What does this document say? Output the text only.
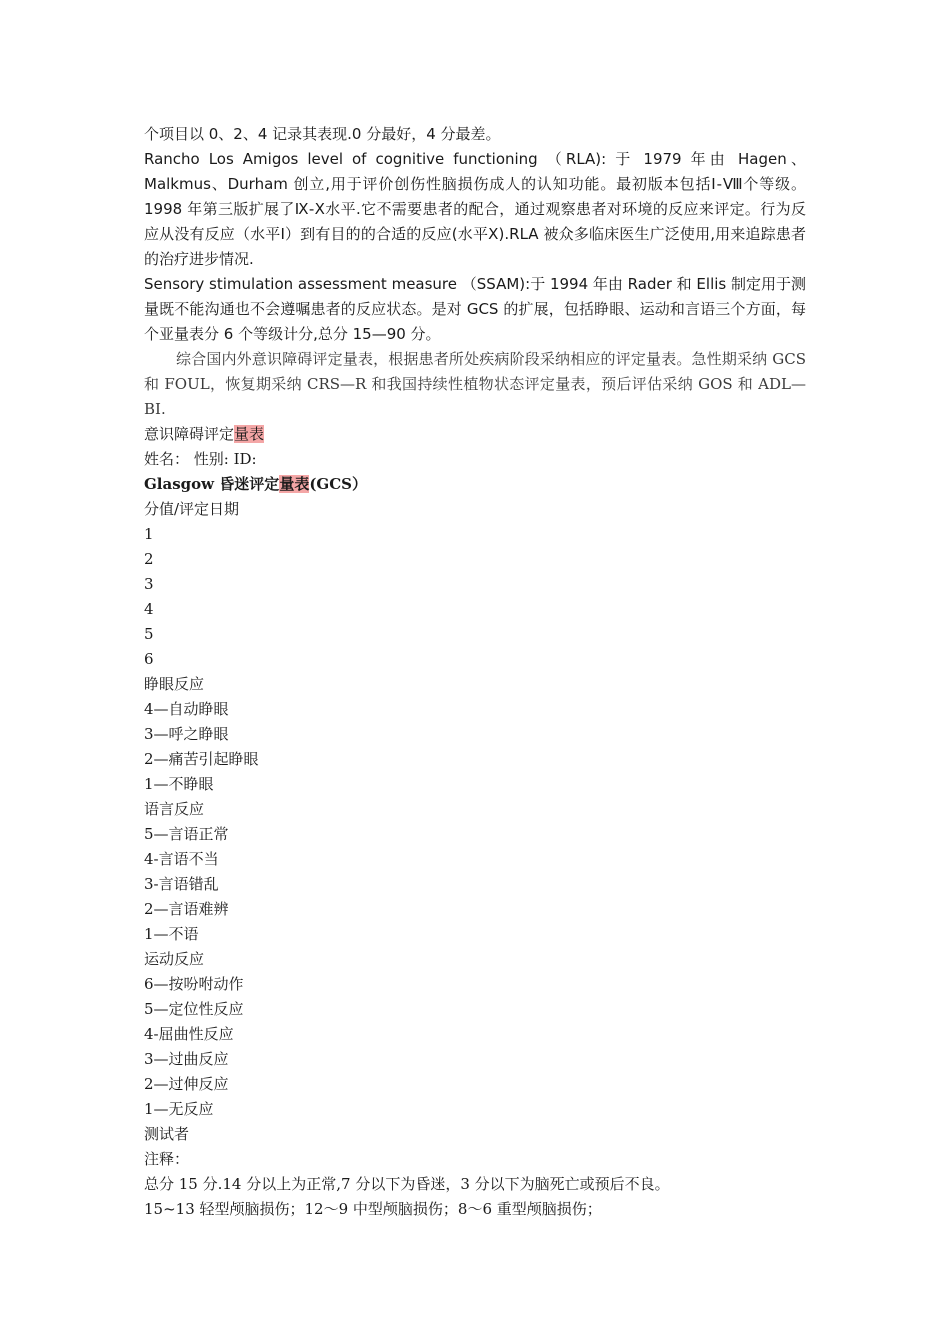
个项目以 0、2、4 记录其表现.0 分最好，4 分最差。

Rancho Los Amigos level of cognitive functioning （RLA): 于 1979 年由 Hagen、Malkmus、Durham 创立,用于评价创伤性脑损伤成人的认知功能。最初版本包括Ⅰ-Ⅷ个等级。1998 年第三版扩展了Ⅸ-Ⅹ水平.它不需要患者的配合，通过观察患者对环境的反应来评定。行为反应从没有反应（水平Ⅰ）到有目的的合适的反应(水平Ⅹ).RLA 被众多临床医生广泛使用,用来追踪患者的治疗进步情况.

Sensory stimulation assessment measure （SSAM):于 1994 年由 Rader 和 Ellis 制定用于测量既不能沟通也不会遵嘱患者的反应状态。是对 GCS 的扩展，包括睁眼、运动和言语三个方面，每个亚量表分 6 个等级计分,总分 15—90 分。

综合国内外意识障碍评定量表，根据患者所处疾病阶段采纳相应的评定量表。急性期采纳 GCS 和 FOUL，恢复期采纳 CRS—R 和我国持续性植物状态评定量表，预后评估采纳 GOS 和 ADL—BI.

意识障碍评定量表
姓名： 性别: ID:
Glasgow 昏迷评定量表(GCS）
分值/评定日期
1
2
3
4
5
6
睁眼反应
4—自动睁眼
3—呼之睁眼
2—痛苦引起睁眼
1—不睁眼
语言反应
5—言语正常
4-言语不当
3-言语错乱
2—言语难辨
1—不语
运动反应
6—按吩咐动作
5—定位性反应
4-屈曲性反应
3—过曲反应
2—过伸反应
1—无反应
测试者
注释：
总分 15 分.14 分以上为正常,7 分以下为昏迷，3 分以下为脑死亡或预后不良。
15~13 轻型颅脑损伤；12～9 中型颅脑损伤；8～6 重型颅脑损伤；
